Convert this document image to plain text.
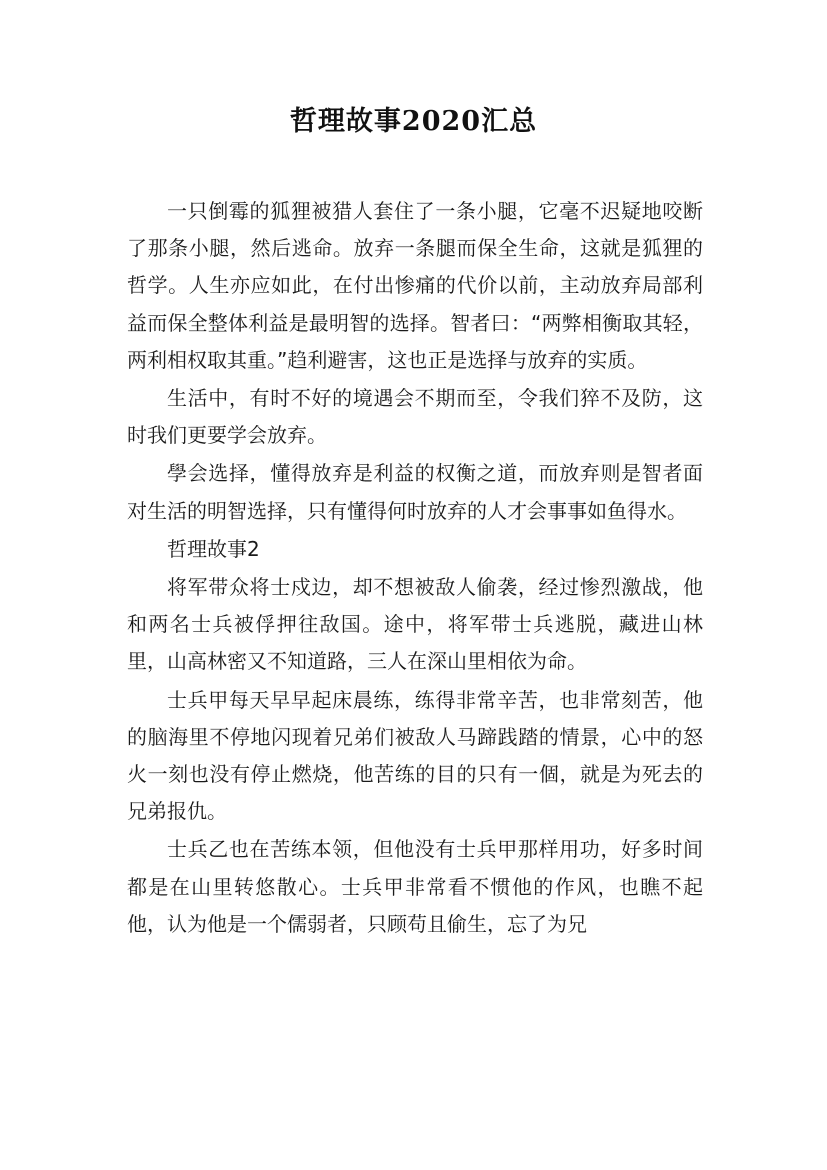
哲理故事2020汇总

一只倒霉的狐狸被猎人套住了一条小腿，它毫不迟疑地咬断了那条小腿，然后逃命。放弃一条腿而保全生命，这就是狐狸的哲学。人生亦应如此，在付出惨痛的代价以前，主动放弃局部利益而保全整体利益是最明智的选择。智者曰：“两弊相衡取其轻，两利相权取其重。”趋利避害，这也正是选择与放弃的实质。

生活中，有时不好的境遇会不期而至，令我们猝不及防，这时我们更要学会放弃。

學会选择，懂得放弃是利益的权衡之道，而放弃则是智者面对生活的明智选择，只有懂得何时放弃的人才会事事如鱼得水。

哲理故事2

将军带众将士戍边，却不想被敌人偷袭，经过惨烈激战，他和两名士兵被俘押往敌国。途中，将军带士兵逃脱，藏进山林里，山高林密又不知道路，三人在深山里相依为命。

士兵甲每天早早起床晨练，练得非常辛苦，也非常刻苦，他的脑海里不停地闪现着兄弟们被敌人马蹄践踏的情景，心中的怒火一刻也没有停止燃烧，他苦练的目的只有一個，就是为死去的兄弟报仇。

士兵乙也在苦练本领，但他没有士兵甲那样用功，好多时间都是在山里转悠散心。士兵甲非常看不惯他的作风，也瞧不起他，认为他是一个儒弱者，只顾苟且偷生，忘了为兄
